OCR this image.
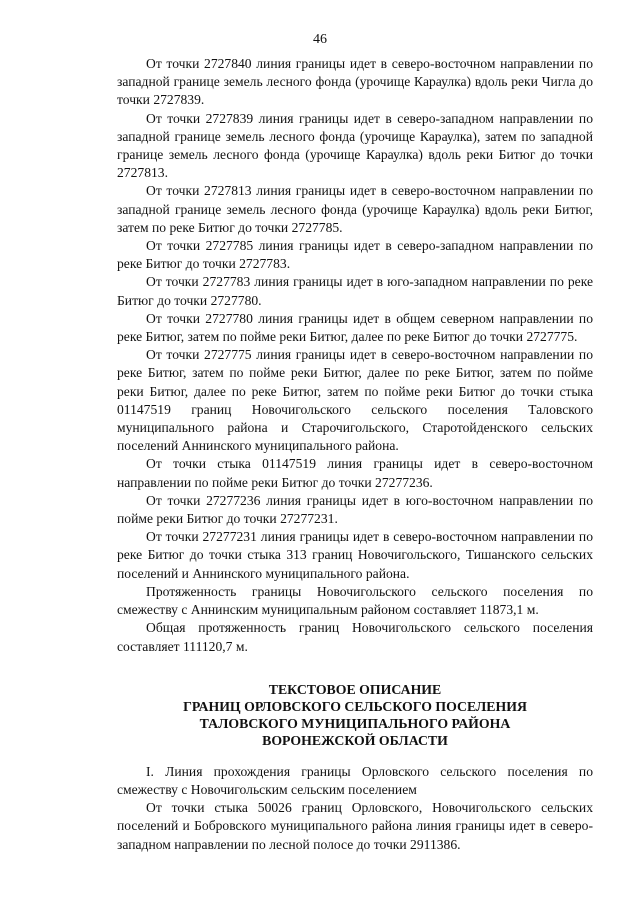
46

От точки 2727840 линия границы идет в северо-восточном направлении по западной границе земель лесного фонда (урочище Караулка) вдоль реки Чигла до точки 2727839.

От точки 2727839 линия границы идет в северо-западном направлении по западной границе земель лесного фонда (урочище Караулка), затем по западной границе земель лесного фонда (урочище Караулка) вдоль реки Битюг до точки 2727813.

От точки 2727813 линия границы идет в северо-восточном направлении по западной границе земель лесного фонда (урочище Караулка) вдоль реки Битюг, затем по реке Битюг до точки 2727785.

От точки 2727785 линия границы идет в северо-западном направлении по реке Битюг до точки 2727783.

От точки 2727783 линия границы идет в юго-западном направлении по реке Битюг до точки 2727780.

От точки 2727780 линия границы идет в общем северном направлении по реке Битюг, затем по пойме реки Битюг, далее по реке Битюг до точки 2727775.

От точки 2727775 линия границы идет в северо-восточном направлении по реке Битюг, затем по пойме реки Битюг, далее по реке Битюг, затем по пойме реки Битюг, далее по реке Битюг, затем по пойме реки Битюг до точки стыка 01147519 границ Новочигольского сельского поселения Таловского муниципального района и Старочигольского, Старотойденского сельских поселений Аннинского муниципального района.

От точки стыка 01147519 линия границы идет в северо-восточном направлении по пойме реки Битюг до точки 27277236.

От точки 27277236 линия границы идет в юго-восточном направлении по пойме реки Битюг до точки 27277231.

От точки 27277231 линия границы идет в северо-восточном направлении по реке Битюг до точки стыка 313 границ Новочигольского, Тишанского сельских поселений и Аннинского муниципального района.

Протяженность границы Новочигольского сельского поселения по смежеству с Аннинским муниципальным районом составляет 11873,1 м.

Общая протяженность границ Новочигольского сельского поселения составляет 111120,7 м.

ТЕКСТОВОЕ ОПИСАНИЕ
ГРАНИЦ ОРЛОВСКОГО СЕЛЬСКОГО ПОСЕЛЕНИЯ
ТАЛОВСКОГО МУНИЦИПАЛЬНОГО РАЙОНА
ВОРОНЕЖСКОЙ ОБЛАСТИ

I. Линия прохождения границы Орловского сельского поселения по смежеству с Новочигольским сельским поселением

От точки стыка 50026 границ Орловского, Новочигольского сельских поселений и Бобровского муниципального района линия границы идет в северо-западном направлении по лесной полосе до точки 2911386.
